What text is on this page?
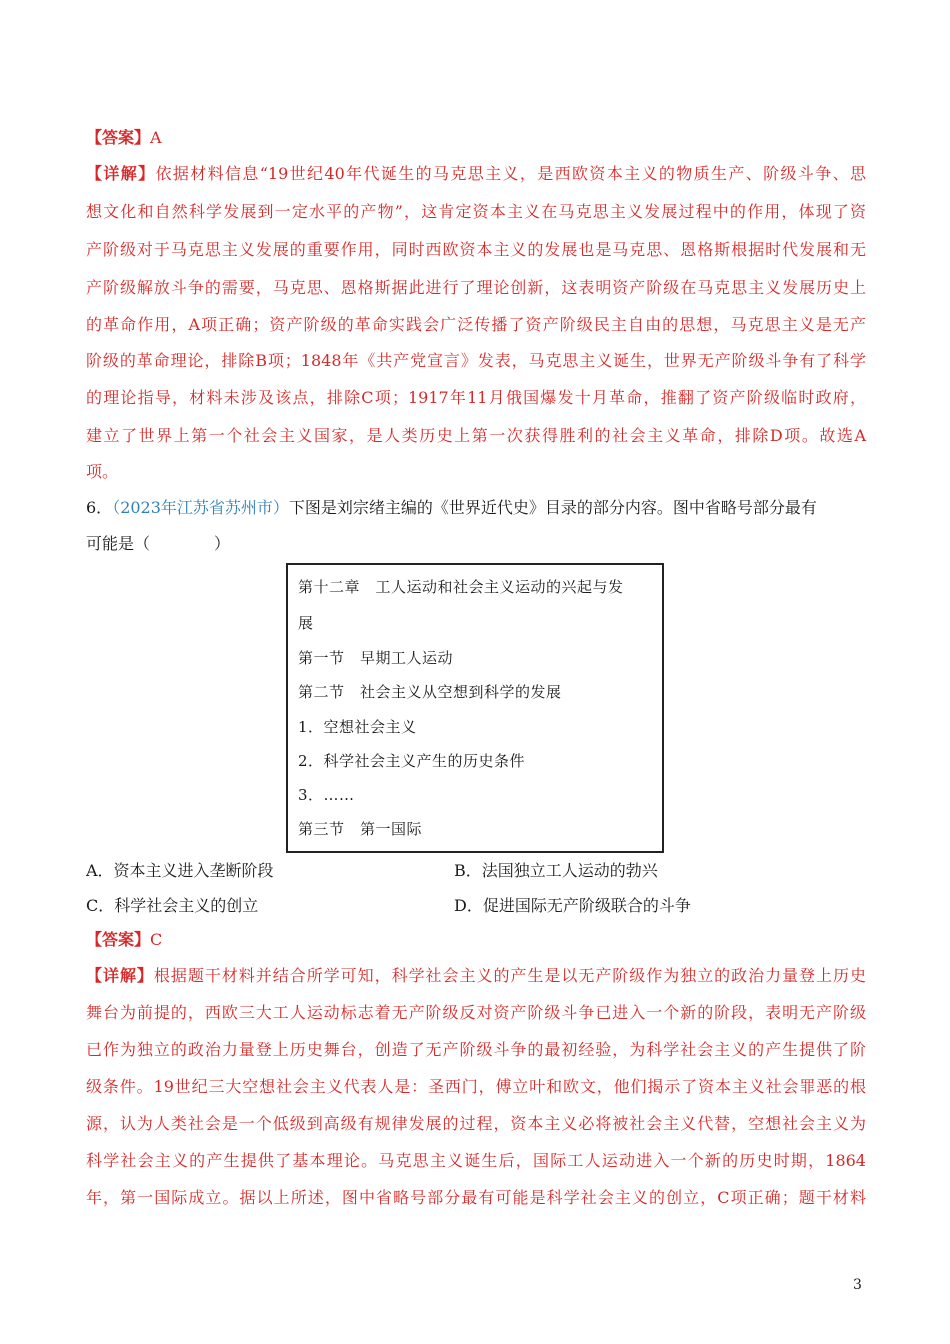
【答案】A
【详解】依据材料信息“19世纪40年代诞生的马克思主义，是西欧资本主义的物质生产、阶级斗争、思
想文化和自然科学发展到一定水平的产物”，这肯定资本主义在马克思主义发展过程中的作用，体现了资
产阶级对于马克思主义发展的重要作用，同时西欧资本主义的发展也是马克思、恩格斯根据时代发展和无
产阶级解放斗争的需要，马克思、恩格斯据此进行了理论创新，这表明资产阶级在马克思主义发展历史上
的革命作用，A项正确；资产阶级的革命实践会广泛传播了资产阶级民主自由的思想，马克思主义是无产
阶级的革命理论，排除B项；1848年《共产党宣言》发表，马克思主义诞生，世界无产阶级斗争有了科学
的理论指导，材料未涉及该点，排除C项；1917年11月俄国爆发十月革命，推翻了资产阶级临时政府，
建立了世界上第一个社会主义国家，是人类历史上第一次获得胜利的社会主义革命，排除D项。故选A
项。
6．（2023年江苏省苏州市）下图是刘宗绪主编的《世界近代史》目录的部分内容。图中省略号部分最有
可能是（　　　　）
第十二章　工人运动和社会主义运动的兴起与发
展
第一节　早期工人运动
第二节　社会主义从空想到科学的发展
1．空想社会主义
2．科学社会主义产生的历史条件
3．……
第三节　第一国际
A．资本主义进入垄断阶段	B．法国独立工人运动的勃兴
C．科学社会主义的创立	D．促进国际无产阶级联合的斗争
【答案】C
【详解】根据题干材料并结合所学可知，科学社会主义的产生是以无产阶级作为独立的政治力量登上历史
舞台为前提的，西欧三大工人运动标志着无产阶级反对资产阶级斗争已进入一个新的阶段，表明无产阶级
已作为独立的政治力量登上历史舞台，创造了无产阶级斗争的最初经验，为科学社会主义的产生提供了阶
级条件。19世纪三大空想社会主义代表人是：圣西门，傅立叶和欧文，他们揭示了资本主义社会罪恶的根
源，认为人类社会是一个低级到高级有规律发展的过程，资本主义必将被社会主义代替，空想社会主义为
科学社会主义的产生提供了基本理论。马克思主义诞生后，国际工人运动进入一个新的历史时期，1864
年，第一国际成立。据以上所述，图中省略号部分最有可能是科学社会主义的创立，C项正确；题干材料
3
